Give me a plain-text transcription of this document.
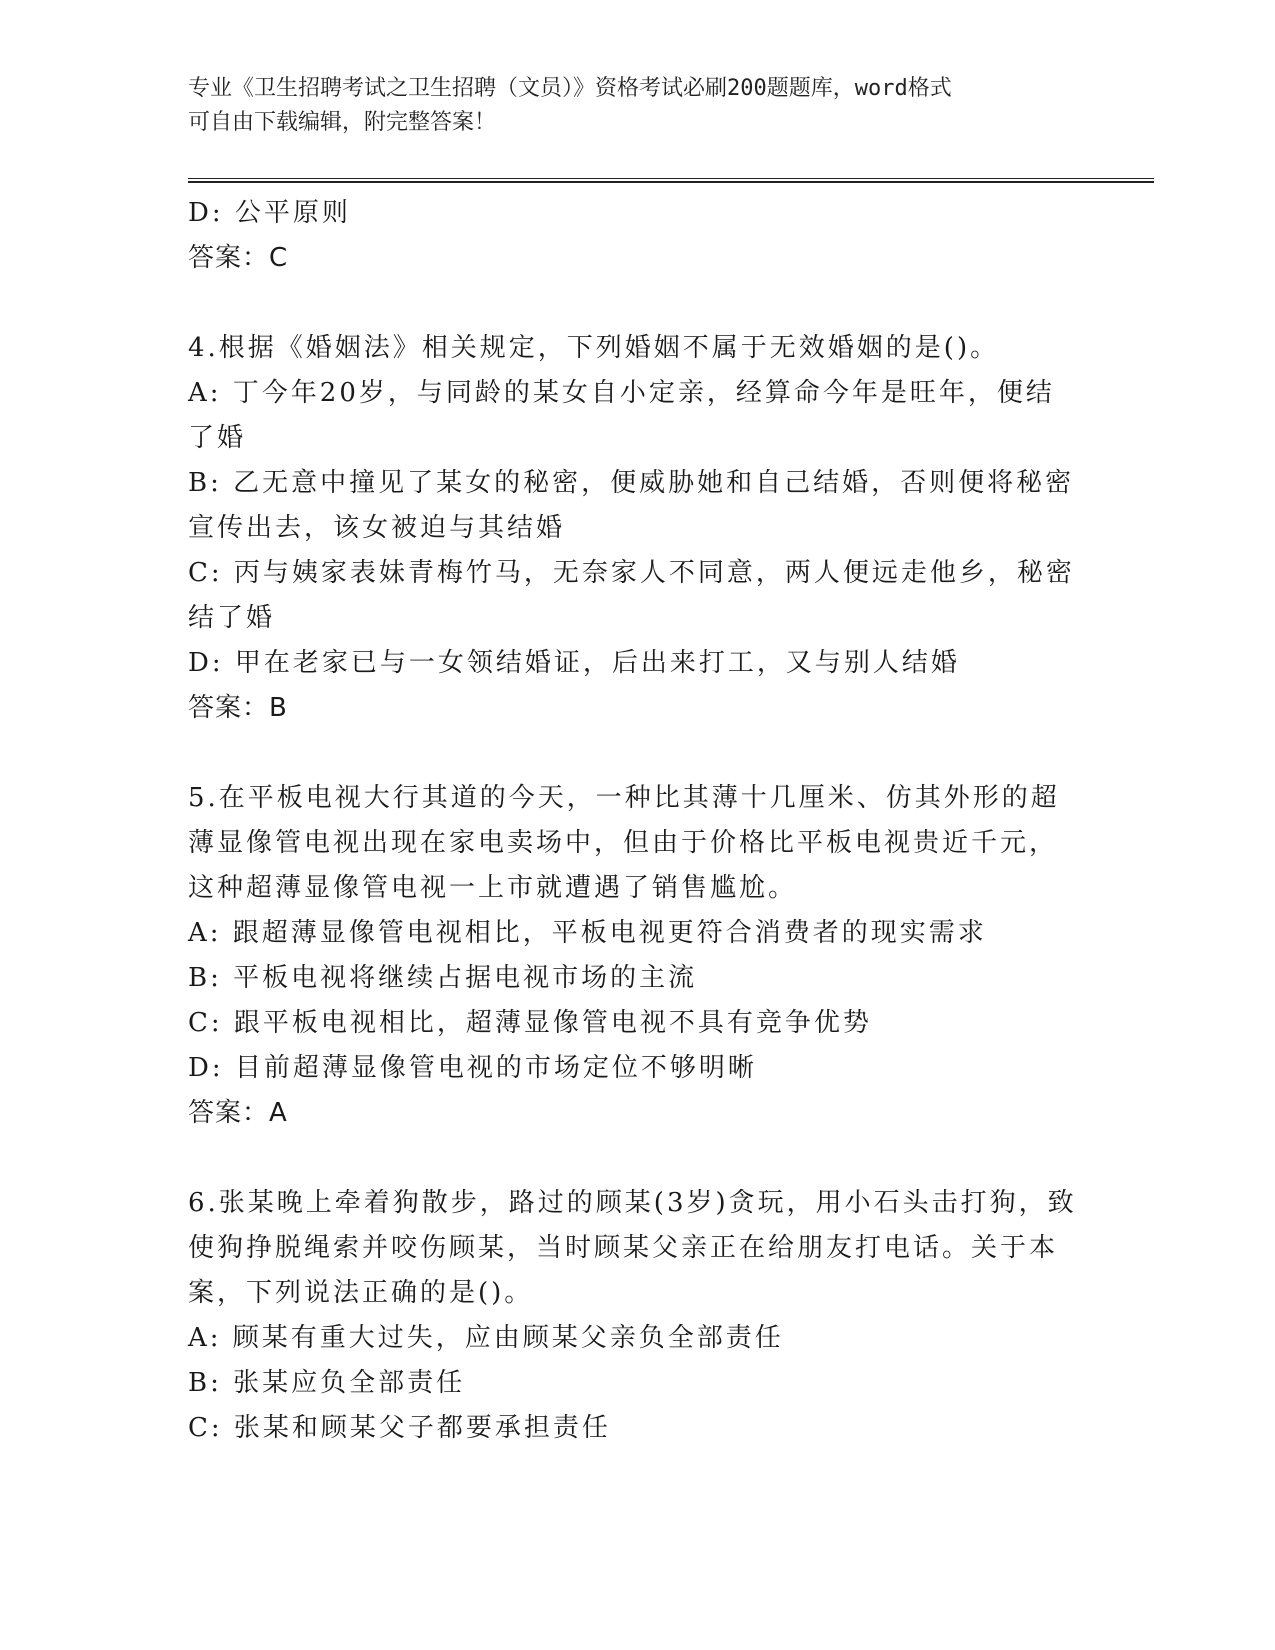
专业《卫生招聘考试之卫生招聘（文员）》资格考试必刷200题题库，word格式
可自由下载编辑，附完整答案！
D: 公平原则
答案：C
4.根据《婚姻法》相关规定，下列婚姻不属于无效婚姻的是()。
A: 丁今年20岁，与同龄的某女自小定亲，经算命今年是旺年，便结
了婚
B: 乙无意中撞见了某女的秘密，便威胁她和自己结婚，否则便将秘密
宣传出去，该女被迫与其结婚
C: 丙与姨家表妹青梅竹马，无奈家人不同意，两人便远走他乡，秘密
结了婚
D: 甲在老家已与一女领结婚证，后出来打工，又与别人结婚
答案：B
5.在平板电视大行其道的今天，一种比其薄十几厘米、仿其外形的超
薄显像管电视出现在家电卖场中，但由于价格比平板电视贵近千元，
这种超薄显像管电视一上市就遭遇了销售尴尬。
A: 跟超薄显像管电视相比，平板电视更符合消费者的现实需求
B: 平板电视将继续占据电视市场的主流
C: 跟平板电视相比，超薄显像管电视不具有竞争优势
D: 目前超薄显像管电视的市场定位不够明晰
答案：A
6.张某晚上牵着狗散步，路过的顾某(3岁)贪玩，用小石头击打狗，致
使狗挣脱绳索并咬伤顾某，当时顾某父亲正在给朋友打电话。关于本
案，下列说法正确的是()。
A: 顾某有重大过失，应由顾某父亲负全部责任
B: 张某应负全部责任
C: 张某和顾某父子都要承担责任
